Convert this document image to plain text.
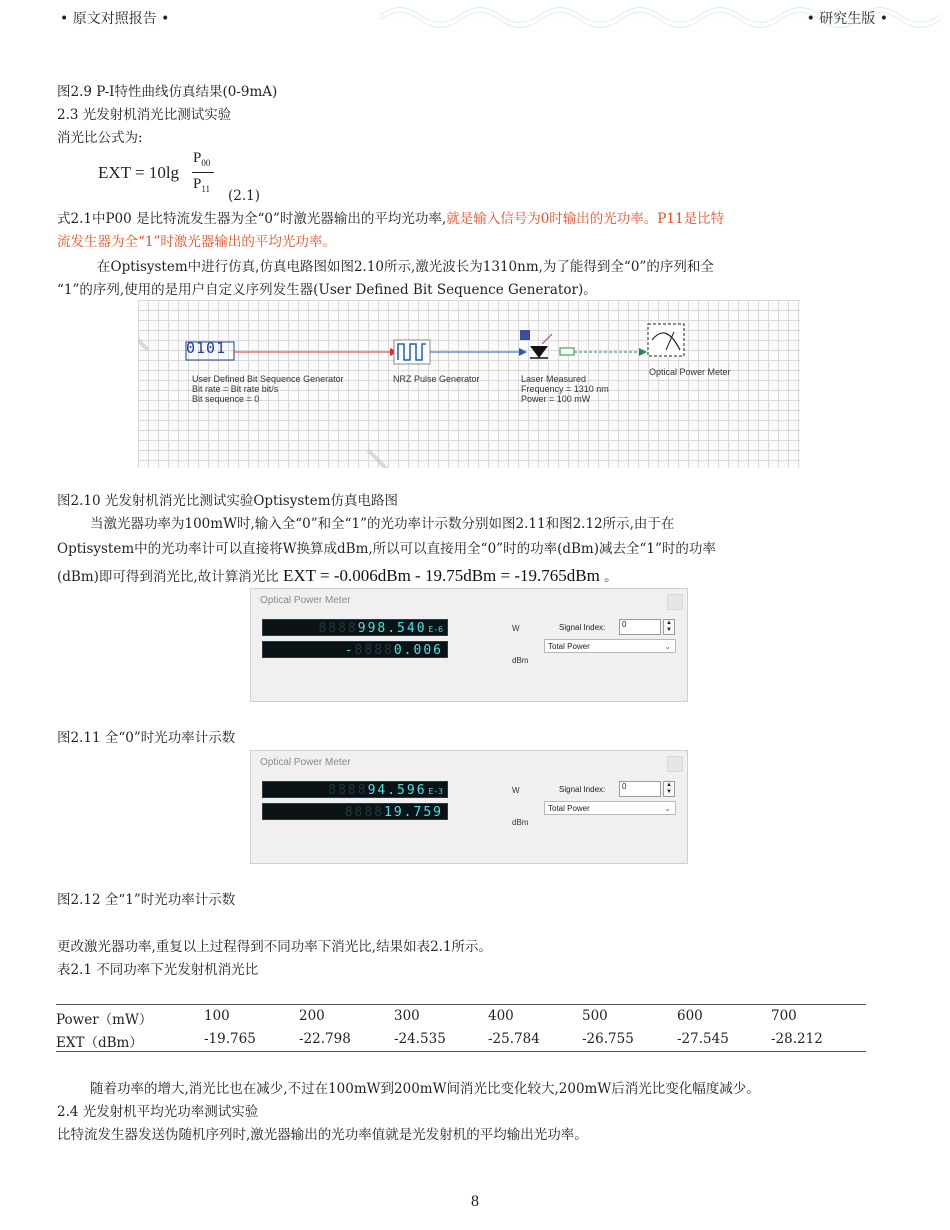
• 原文对照报告 •	• 研究生版 •
图2.9 P-I特性曲线仿真结果(0-9mA)
2.3 光发射机消光比测试实验
消光比公式为:
EXT = 10lg
$P_{00}$
$P_{11}$ (2.1)
式2.1中P00 是比特流发生器为全“0”时激光器输出的平均光功率,就是输入信号为0时输出的光功率。P11是比特
流发生器为全“1”时激光器输出的平均光功率。
在Optisystem中进行仿真,仿真电路图如图2.10所示,激光波长为1310nm,为了能得到全“0”的序列和全
“1”的序列,使用的是用户自定义序列发生器(User Defined Bit Sequence Generator)。
0101
User Defined Bit Sequence Generator
Bit rate = Bit rate bit/s
Bit sequence = 0
NRZ Pulse Generator	Laser Measured
Frequency = 1310 nm
Power = 100 mW
Optical Power Meter
图2.10 光发射机消光比测试实验Optisystem仿真电路图
当激光器功率为100mW时,输入全“0”和全“1”的光功率计示数分别如图2.11和图2.12所示,由于在
Optisystem中的光功率计可以直接将W换算成dBm,所以可以直接用全“0”时的功率(dBm)减去全“1”时的功率
(dBm)即可得到消光比,故计算消光比 EXT = -0.006dBm - 19.75dBm = -19.765dBm 。
Optical Power Meter
8888998.540 E-6
-88880.006
W
dBm
Signal Index:	0	▲
▼
Total Power	⌄
图2.11 全“0”时光功率计示数
Optical Power Meter
888894.596 E-3
888819.759
W
dBm
Signal Index:	0	▲
▼
Total Power	⌄
图2.12 全“1”时光功率计示数
更改激光器功率,重复以上过程得到不同功率下消光比,结果如表2.1所示。
表2.1 不同功率下光发射机消光比
Power（mW）	100	200	300	400	500	600	700
EXT（dBm）	-19.765	-22.798	-24.535	-25.784	-26.755	-27.545	-28.212
随着功率的增大,消光比也在减少,不过在100mW到200mW间消光比变化较大,200mW后消光比变化幅度减少。
2.4 光发射机平均光功率测试实验
比特流发生器发送伪随机序列时,激光器输出的光功率值就是光发射机的平均输出光功率。
8
